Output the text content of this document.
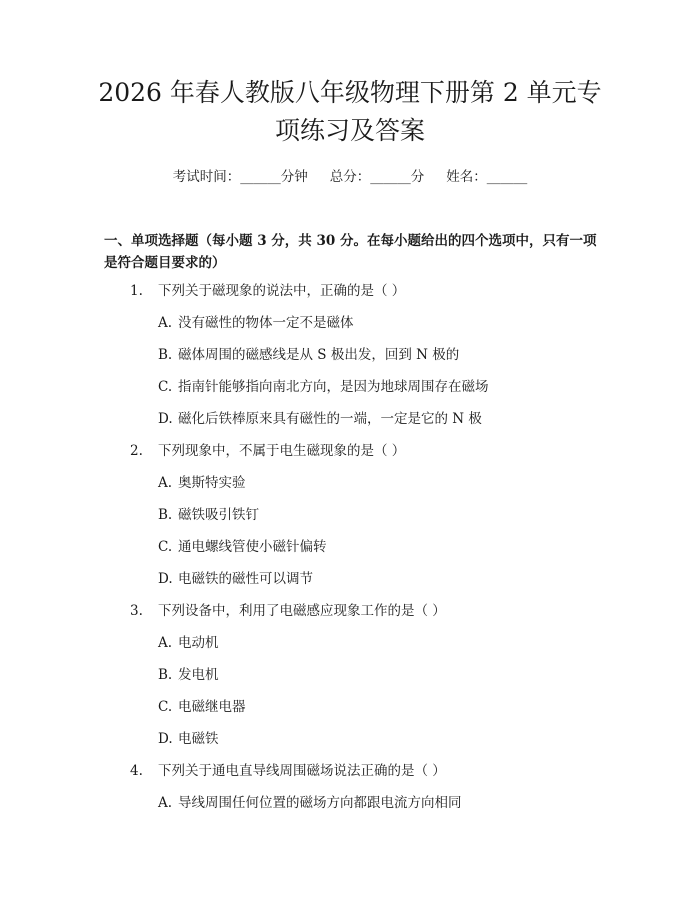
2026 年春人教版八年级物理下册第 2 单元专
项练习及答案
考试时间：______分钟 总分：______分 姓名：______
一、单项选择题（每小题 3 分，共 30 分。在每小题给出的四个选项中，只有一项
是符合题目要求的）
1. 下列关于磁现象的说法中，正确的是（ ）
A. 没有磁性的物体一定不是磁体
B. 磁体周围的磁感线是从 S 极出发，回到 N 极的
C. 指南针能够指向南北方向，是因为地球周围存在磁场
D. 磁化后铁棒原来具有磁性的一端，一定是它的 N 极
2. 下列现象中，不属于电生磁现象的是（ ）
A. 奥斯特实验
B. 磁铁吸引铁钉
C. 通电螺线管使小磁针偏转
D. 电磁铁的磁性可以调节
3. 下列设备中，利用了电磁感应现象工作的是（ ）
A. 电动机
B. 发电机
C. 电磁继电器
D. 电磁铁
4. 下列关于通电直导线周围磁场说法正确的是（ ）
A. 导线周围任何位置的磁场方向都跟电流方向相同
